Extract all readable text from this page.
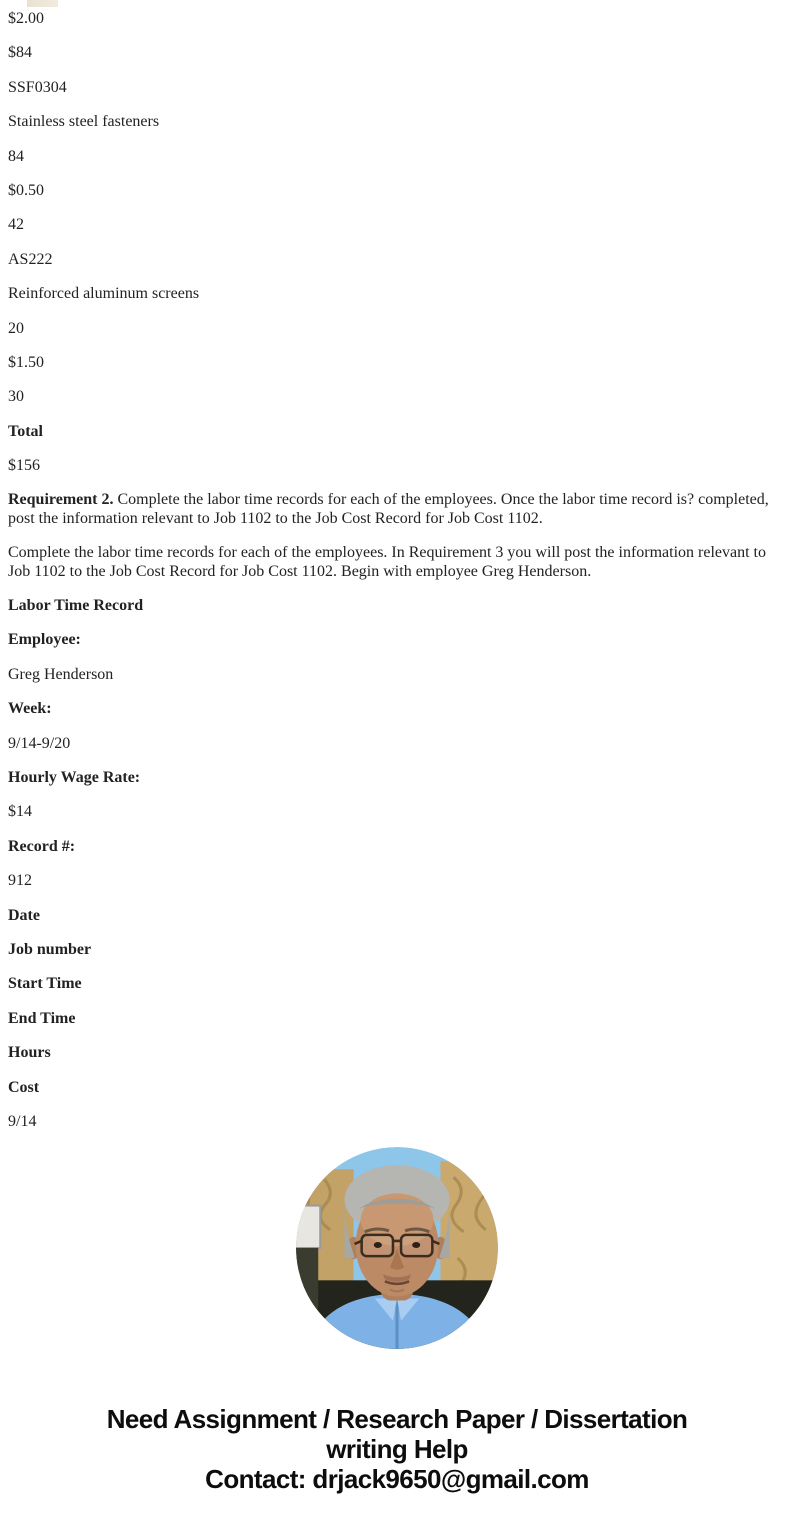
$2.00

$84

SSF0304

Stainless steel fasteners

84

$0.50

42

AS222

Reinforced aluminum screens

20

$1.50

30

Total

$156

Requirement 2. Complete the labor time records for each of the employees. Once the labor time record is? completed, post the information relevant to Job 1102 to the Job Cost Record for Job Cost 1102.

Complete the labor time records for each of the employees. In Requirement 3 you will post the information relevant to Job 1102 to the Job Cost Record for Job Cost 1102. Begin with employee Greg Henderson.

Labor Time Record

Employee:

Greg Henderson

Week:

9/14-9/20

Hourly Wage Rate:

$14

Record #:

912

Date

Job number

Start Time

End Time

Hours

Cost

9/14

Need Assignment / Research Paper / Dissertation
writing Help
Contact: drjack9650@gmail.com
